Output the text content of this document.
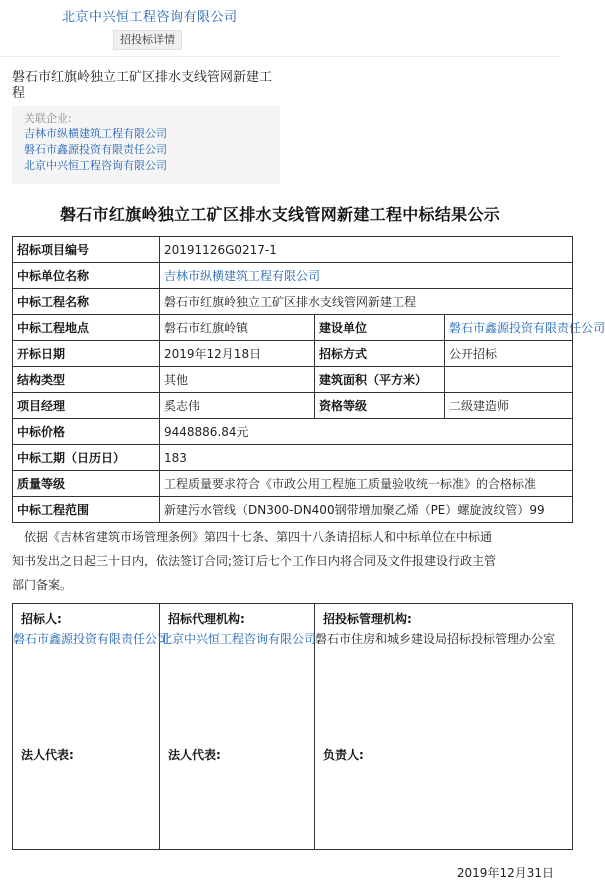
北京中兴恒工程咨询有限公司
招投标详情
磐石市红旗岭独立工矿区排水支线管网新建工程
关联企业:
吉林市纵横建筑工程有限公司
磐石市鑫源投资有限责任公司
北京中兴恒工程咨询有限公司
磐石市红旗岭独立工矿区排水支线管网新建工程中标结果公示
招标项目编号	20191126G0217-1		
中标单位名称	吉林市纵横建筑工程有限公司		
中标工程名称	磐石市红旗岭独立工矿区排水支线管网新建工程		
中标工程地点	磐石市红旗岭镇	建设单位	磐石市鑫源投资有限责任公司
开标日期	2019年12月18日	招标方式	公开招标
结构类型	其他	建筑面积（平方米）	
项目经理	奚志伟	资格等级	二级建造师
中标价格	9448886.84元		
中标工期（日历日）	183		
质量等级	工程质量要求符合《市政公用工程施工质量验收统一标准》的合格标准		
中标工程范围	新建污水管线（DN300-DN400钢带增加聚乙烯（PE）螺旋波纹管）99		
依据《吉林省建筑市场管理条例》第四十七条、第四十八条请招标人和中标单位在中标通
知书发出之日起三十日内，依法签订合同;签订后七个工作日内将合同及文件报建设行政主管
部门备案。
招标人:
磐石市鑫源投资有限责任公司
法人代表:

招标代理机构:
北京中兴恒工程咨询有限公司
法人代表:

招投标管理机构:
磐石市住房和城乡建设局招标投标管理办公室
负责人:
2019年12月31日
